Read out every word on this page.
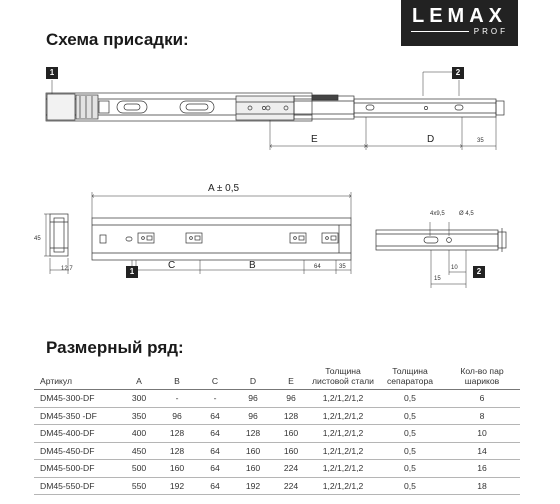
LEMAX
PROF
Схема присадки:
1	2
1	2
E	D	35
A ± 0,5
C	B	64	35
45
12,7
4x9,5 Ø 4,5
10
15
Размерный ряд:
Артикул	A	B	C	D	E	Толщина листовой стали	Толщина сепаратора	Кол-во пар шариков
DM45-300-DF	300	-	-	96	96	1,2/1,2/1,2	0,5	6
DM45-350 -DF	350	96	64	96	128	1,2/1,2/1,2	0,5	8
DM45-400-DF	400	128	64	128	160	1,2/1,2/1,2	0,5	10
DM45-450-DF	450	128	64	160	160	1,2/1,2/1,2	0,5	14
DM45-500-DF	500	160	64	160	224	1,2/1,2/1,2	0,5	16
DM45-550-DF	550	192	64	192	224	1,2/1,2/1,2	0,5	18
